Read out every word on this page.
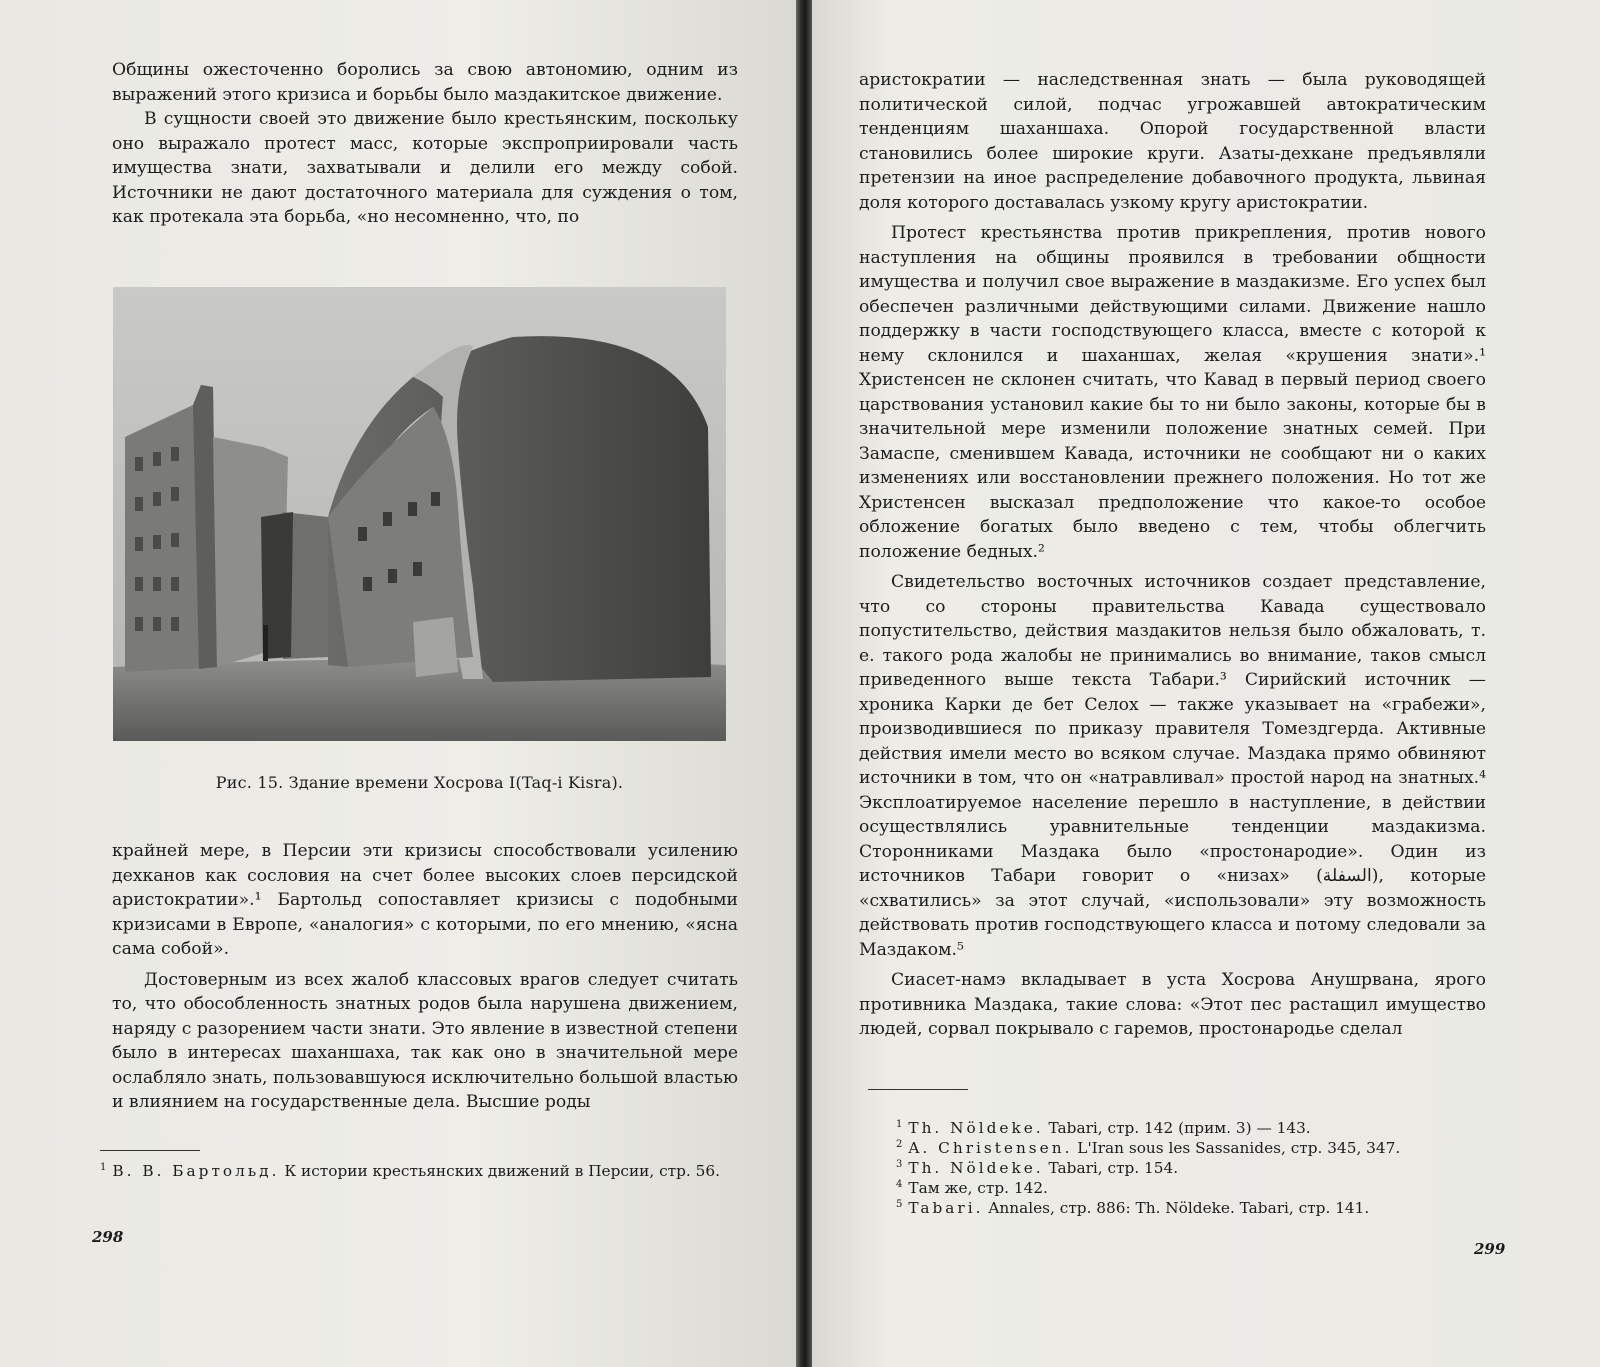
Общины ожесточенно боролись за свою автономию, одним из выражений этого кризиса и борьбы было маздакитское движение.

В сущности своей это движение было крестьянским, поскольку оно выражало протест масс, которые экспроприировали часть имущества знати, захватывали и делили его между собой. Источники не дают достаточного материала для суждения о том, как протекала эта борьба, «но несомненно, что, по

Рис. 15. Здание времени Хосрова I(Taq-i Kisra).

крайней мере, в Персии эти кризисы способствовали усилению дехканов как сословия на счет более высоких слоев персидской аристократии».¹ Бартольд сопоставляет кризисы с подобными кризисами в Европе, «аналогия» с которыми, по его мнению, «ясна сама собой».

Достоверным из всех жалоб классовых врагов следует считать то, что обособленность знатных родов была нарушена движением, наряду с разорением части знати. Это явление в известной степени было в интересах шаханшаха, так как оно в значительной мере ослабляло знать, пользовавшуюся исключительно большой властью и влиянием на государственные дела. Высшие роды

$^1$ В. В. Бартольд. К истории крестьянских движений в Персии, стр. 56.
298

аристократии — наследственная знать — была руководящей политической силой, подчас угрожавшей автократическим тенденциям шаханшаха. Опорой государственной власти становились более широкие круги. Азаты-дехкане предъявляли претензии на иное распределение добавочного продукта, львиная доля которого доставалась узкому кругу аристократии.

Протест крестьянства против прикрепления, против нового наступления на общины проявился в требовании общности имущества и получил свое выражение в маздакизме. Его успех был обеспечен различными действующими силами. Движение нашло поддержку в части господствующего класса, вместе с которой к нему склонился и шаханшах, желая «крушения знати».¹ Христенсен не склонен считать, что Кавад в первый период своего царствования установил какие бы то ни было законы, которые бы в значительной мере изменили положение знатных семей. При Замаспе, сменившем Кавада, источники не сообщают ни о каких изменениях или восстановлении прежнего положения. Но тот же Христенсен высказал предположение что какое-то особое обложение богатых было введено с тем, чтобы облегчить положение бедных.²

Свидетельство восточных источников создает представление, что со стороны правительства Кавада существовало попустительство, действия маздакитов нельзя было обжаловать, т. е. такого рода жалобы не принимались во внимание, таков смысл приведенного выше текста Табари.³ Сирийский источник — хроника Карки де бет Селох — также указывает на «грабежи», производившиеся по приказу правителя Томездгерда. Активные действия имели место во всяком случае. Маздака прямо обвиняют источники в том, что он «натравливал» простой народ на знатных.⁴ Эксплоатируемое население перешло в наступление, в действии осуществлялись уравнительные тенденции маздакизма. Сторонниками Маздака было «простонародие». Один из источников Табари говорит о «низах» (السفلة), которые «схватились» за этот случай, «использовали» эту возможность действовать против господствующего класса и потому следовали за Маздаком.⁵

Сиасет-намэ вкладывает в уста Хосрова Анушрвана, ярого противника Маздака, такие слова: «Этот пес растащил имущество людей, сорвал покрывало с гаремов, простонародье сделал

$^1$ Th. Nöldeke. Tabari, стр. 142 (прим. 3) — 143.
$^2$ A. Christensen. L'Iran sous les Sassanides, стр. 345, 347.
$^3$ Th. Nöldeke. Tabari, стр. 154.
$^4$ Там же, стр. 142.
$^5$ Tabari. Annales, стр. 886: Th. Nöldeke. Tabari, стр. 141.
299
